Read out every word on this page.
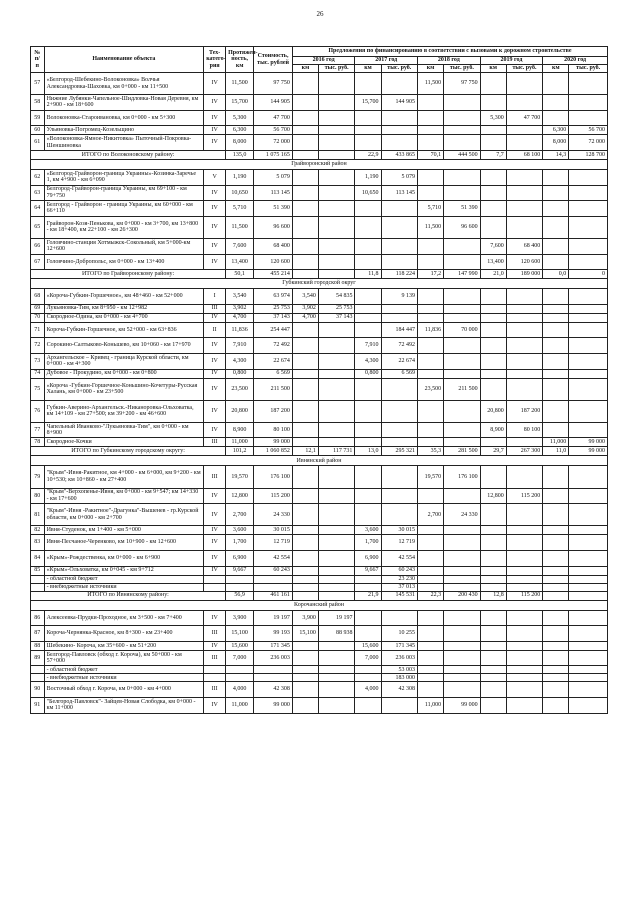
26
№ п/п	Наименование объекта	Тех- катего- рия	Протяжен- ность, км	Стоимость, тыс. рублей	Предложения по финансированию в соответствии с вызовами к дорожном строительстве									
					2016 год		2017 год		2018 год		2019 год		2020 год	
					км	тыс. руб.	км	тыс. руб.	км	тыс. руб.	км	тыс. руб.	км	тыс. руб.
57	«Белгород-Шебекино-Волоконовка» Волчья Александровка-Шаховка, км 0+000 - км 11+500	IV	11,500	97 750					11,500	97 750				
58	Нижние Лубянки-Чапельное-Шидловка-Новая Деревня, км 2+900 - км 18+600	IV	15,700	144 905			15,700	144 905						
59	Волоконовка-Староивановка, км 0+000 - км 5+300	IV	5,300	47 700							5,300	47 700		
60	Ульяновка-Погромец-Козельщино	IV	6,300	56 700									6,300	56 700
61	«Волоконовка-Ямное-Никитовка» Пыточный-Покровка-Шеншиновка	IV	8,000	72 000									8,000	72 000
ИТОГО по Волоконовскому району:			135,0	1 075 165			22,9	433 865	70,1	444 500	7,7	68 100	14,3	128 700
Грайворонский район														
62	«Белгород-Грайворон-граница Украины»-Козинка-Заречье 1, км 4+900 - км 6+090	V	1,190	5 079			1,190	5 079						
63	Белгород-Грайворон-граница Украины, км 69+100 - км 79+750	IV	10,650	113 145			10,650	113 145						
64	Белгород - Грайворон - граница Украины, км 60+000 - км 66+110	IV	5,710	51 390					5,710	51 390				
65	Грайворон-Козя-Пенькова, км 0+000 - км 3+700, км 13+800 - км 18+400, км 22+100 - км 26+300	IV	11,500	96 600					11,500	96 600				
66	Головчино-станция Хотмыжск-Сокольный, км 5+000-км 12+600	IV	7,600	68 400							7,600	68 400		
67	Головчино-Добропольс, км 0+000 - км 13+400	IV	13,400	120 600							13,400	120 600		
ИТОГО по Грайворонскому району:			50,1	455 214			11,8	118 224	17,2	147 990	21,0	189 000	0,0	0
Губкинский городской округ														
68	«Короча-Губкин-Горшечное», км 48+460 - км 52+000	I	3,540	63 974	3,540	54 835		9 139						
69	Лукьяновка-Тим, км 8+950 - км 12+982	III	3,902	25 753	3,902	25 753								
70	Скородное-Одина, км 0+000 - км 4+700	IV	4,700	37 143	4,700	37 143								
71	Короча-Губкин-Горшечное, км 52+000 - км 63+836	II	11,836	254 447				184 447	11,836	70 000				
72	Сорокино-Салтыково-Коньшево, км 10+060 - км 17+970	IV	7,910	72 492			7,910	72 492						
73	Архангельское – Кривец - граница Курской области, км 0+000 - км 4+300	IV	4,300	22 674			4,300	22 674						
74	Дубовое - Прокудино, км 0+000 - км 0+800	IV	0,800	6 569			0,800	6 569						
75	«Короча -Губкин-Горшечное-Коньшино-Кочетуры-Русская Халань, км 0+000 - км 23+500	IV	23,500	211 500					23,500	211 500				
76	Губкин-Аверино-Архангельск.-Никаноровка-Ольховатка, км 14+109 - км 27+500; км 39+200 - км 46+600	IV	20,800	187 200							20,800	187 200		
77	Чапельный Иванково-"Лукьяновка-Тим", км 0+000 - км 8+900	IV	8,900	80 100							8,900	80 100		
78	Скородное-Кочки	III	11,000	99 000									11,000	99 000
ИТОГО по Губкинскому городскому округу:			101,2	1 060 852	12,1	117 731	13,0	295 321	35,3	281 500	29,7	267 300	11,0	99 000
Ивнянский район														
79	"Крым"-Ивня-Ракитное, км 4+000 - км 6+000, км 9+200 - км 10+530; км 10+860 - км 27+400	III	19,570	176 100					19,570	176 100				
80	"Крым"-Верхопенье-Ивня, км 0+000 - км 9+547; км 14+330 - км 17+600	IV	12,800	115 200							12,800	115 200		
81	"Крым"-Ивня -Ракитное"-Драгунка"-Вышенев - гр.Курской области, км 0+000 - км 2+700	IV	2,700	24 330					2,700	24 330				
82	Ивня-Студенок, км 1+400 - км 5+000	IV	3,600	30 015			3,600	30 015						
83	Ивня-Песчаное-Черенково, км 10+900 - км 12+600	IV	1,700	12 719			1,700	12 719						
84	«Крым»-Рождественка, км 0+000 - км 6+900	IV	6,900	42 554			6,900	42 554						
85	«Крым»-Ольховатка, км 0+045 - км 9+712	IV	9,667	60 243			9,667	60 243						
	- областной бюджет							23 230						
	- внебюджетные источники							37 013						
ИТОГО по Ивнянскому району:			56,9	461 161			21,9	145 531	22,3	200 430	12,8	115 200		
Корочанский район														
86	Алексеевка-Прудки-Проходное, км 3+500 - км 7+400	IV	3,900	19 197	3,900	19 197								
87	Короча-Чернянка-Красное, км 8+300 - км 23+400	III	15,100	99 193	15,100	88 938		10 255						
88	Шебекино- Короча, км 35+600 - км 51+200	IV	15,600	171 345			15,600	171 345						
89	Белгород-Павловск (обход г. Короча), км 50+000 - км 57+000	III	7,000	236 003			7,000	236 003						
	- областной бюджет							53 003						
	- внебюджетные источники							183 000						
90	Восточный обход г. Короча, км 0+000 - км 4+000	III	4,000	42 308			4,000	42 308						
91	"Белгород-Павловск"- Зайцев-Новая Слободка, км 0+000 - км 11+000	IV	11,000	99 000					11,000	99 000				
